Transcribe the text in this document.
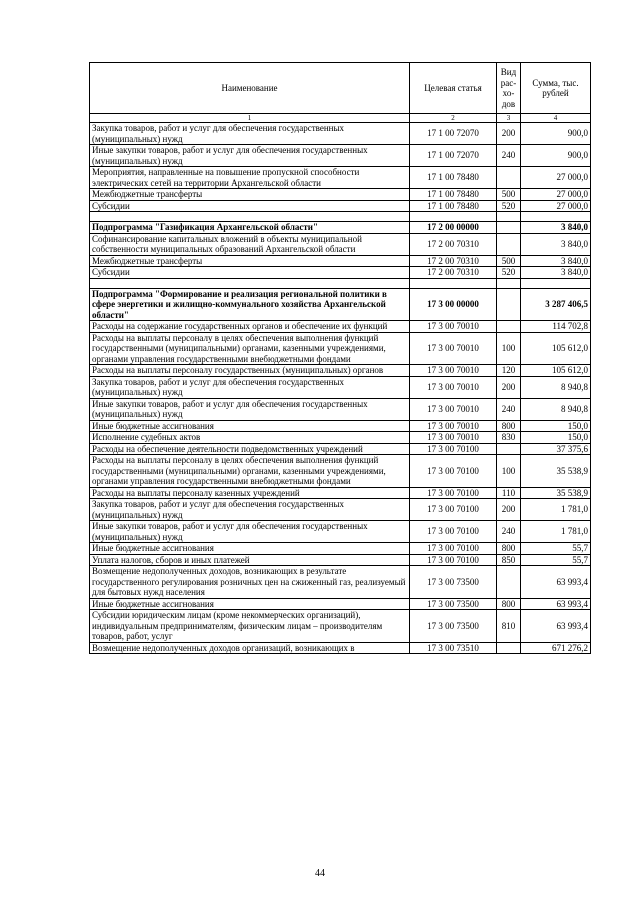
Наименование	Целевая статья	Вид рас-хо-дов	Сумма, тыс. рублей
1	2	3	4
Закупка товаров, работ и услуг для обеспечения государственных (муниципальных) нужд	17 1 00 72070	200	900,0
Иные закупки товаров, работ и услуг для обеспечения государственных (муниципальных) нужд	17 1 00 72070	240	900,0
Мероприятия, направленные на повышение пропускной способности электрических сетей на территории Архангельской области	17 1 00 78480		27 000,0
Межбюджетные трансферты	17 1 00 78480	500	27 000,0
Субсидии	17 1 00 78480	520	27 000,0

Подпрограмма "Газификация Архангельской области"	17 2 00 00000		3 840,0
Софинансирование капитальных вложений в объекты муниципальной собственности муниципальных образований Архангельской области	17 2 00 70310		3 840,0
Межбюджетные трансферты	17 2 00 70310	500	3 840,0
Субсидии	17 2 00 70310	520	3 840,0

Подпрограмма "Формирование и реализация региональной политики в сфере энергетики и жилищно-коммунального хозяйства Архангельской области"	17 3 00 00000		3 287 406,5
Расходы на содержание государственных органов и обеспечение их функций	17 3 00 70010		114 702,8
Расходы на выплаты персоналу в целях обеспечения выполнения функций государственными (муниципальными) органами, казенными учреждениями, органами управления государственными внебюджетными фондами	17 3 00 70010	100	105 612,0
Расходы на выплаты персоналу государственных (муниципальных) органов	17 3 00 70010	120	105 612,0
Закупка товаров, работ и услуг для обеспечения государственных (муниципальных) нужд	17 3 00 70010	200	8 940,8
Иные закупки товаров, работ и услуг для обеспечения государственных (муниципальных) нужд	17 3 00 70010	240	8 940,8
Иные бюджетные ассигнования	17 3 00 70010	800	150,0
Исполнение судебных актов	17 3 00 70010	830	150,0
Расходы на обеспечение деятельности подведомственных учреждений	17 3 00 70100		37 375,6
Расходы на выплаты персоналу в целях обеспечения выполнения функций государственными (муниципальными) органами, казенными учреждениями, органами управления государственными внебюджетными фондами	17 3 00 70100	100	35 538,9
Расходы на выплаты персоналу казенных учреждений	17 3 00 70100	110	35 538,9
Закупка товаров, работ и услуг для обеспечения государственных (муниципальных) нужд	17 3 00 70100	200	1 781,0
Иные закупки товаров, работ и услуг для обеспечения государственных (муниципальных) нужд	17 3 00 70100	240	1 781,0
Иные бюджетные ассигнования	17 3 00 70100	800	55,7
Уплата налогов, сборов и иных платежей	17 3 00 70100	850	55,7
Возмещение недополученных доходов, возникающих в результате государственного регулирования розничных цен на сжиженный газ, реализуемый для бытовых нужд населения	17 3 00 73500		63 993,4
Иные бюджетные ассигнования	17 3 00 73500	800	63 993,4
Субсидии юридическим лицам (кроме некоммерческих организаций), индивидуальным предпринимателям, физическим лицам – производителям товаров, работ, услуг	17 3 00 73500	810	63 993,4
Возмещение недополученных доходов организаций, возникающих в	17 3 00 73510		671 276,2
44
